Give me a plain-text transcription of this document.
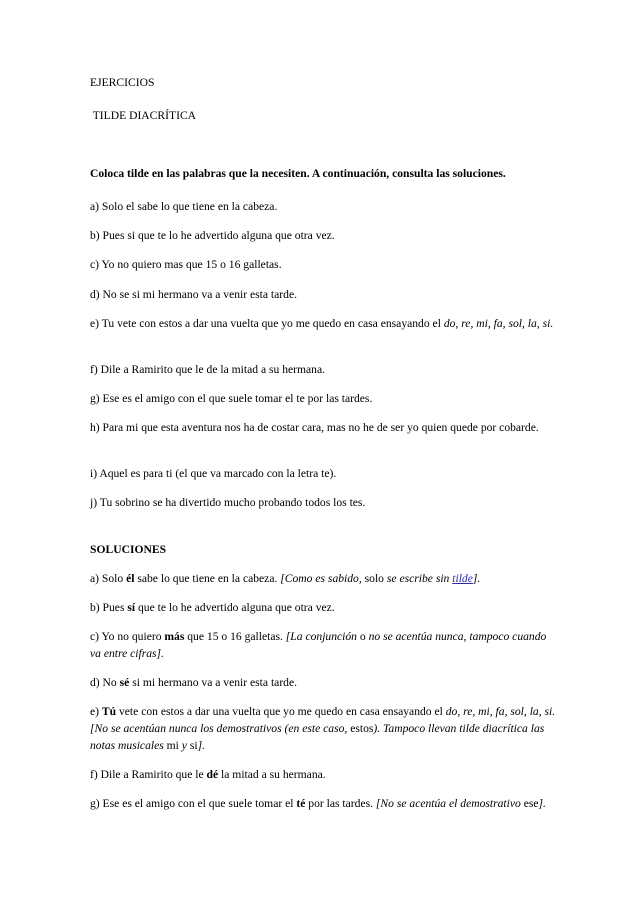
EJERCICIOS

TILDE DIACRÍTICA

Coloca tilde en las palabras que la necesiten. A continuación, consulta las soluciones.

a) Solo el sabe lo que tiene en la cabeza.

b) Pues si que te lo he advertido alguna que otra vez.

c) Yo no quiero mas que 15 o 16 galletas.

d) No se si mi hermano va a venir esta tarde.

e) Tu vete con estos a dar una vuelta que yo me quedo en casa ensayando el do, re, mi, fa, sol, la, si.

f) Dile a Ramirito que le de la mitad a su hermana.

g) Ese es el amigo con el que suele tomar el te por las tardes.

h) Para mi que esta aventura nos ha de costar cara, mas no he de ser yo quien quede por cobarde.

i) Aquel es para ti (el que va marcado con la letra te).

j) Tu sobrino se ha divertido mucho probando todos los tes.

SOLUCIONES

a) Solo él sabe lo que tiene en la cabeza. [Como es sabido, solo se escribe sin tilde].

b) Pues sí que te lo he advertido alguna que otra vez.

c) Yo no quiero más que 15 o 16 galletas. [La conjunción o no se acentúa nunca, tampoco cuando va entre cifras].

d) No sé si mi hermano va a venir esta tarde.

e) Tú vete con estos a dar una vuelta que yo me quedo en casa ensayando el do, re, mi, fa, sol, la, si. [No se acentúan nunca los demostrativos (en este caso, estos). Tampoco llevan tilde diacrítica las notas musicales mi y si].

f) Dile a Ramirito que le dé la mitad a su hermana.

g) Ese es el amigo con el que suele tomar el té por las tardes. [No se acentúa el demostrativo ese].
